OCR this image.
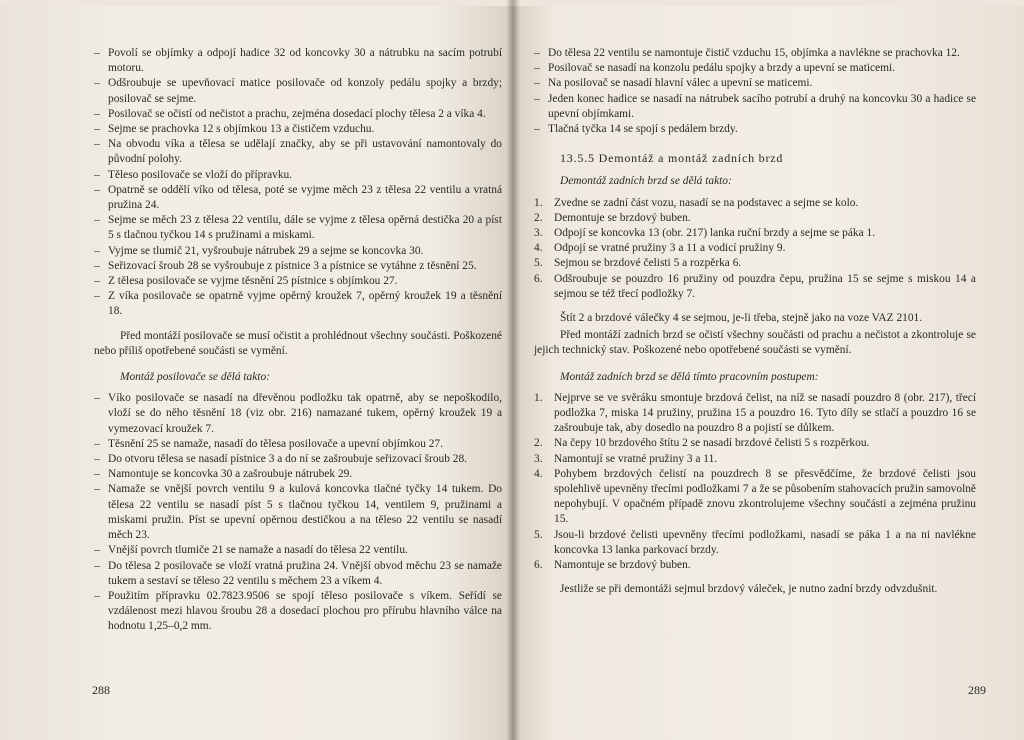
– Povolí se objímky a odpojí hadice 32 od koncovky 30 a nátrubku na sacím potrubí motoru.

– Odšroubuje se upevňovací matice posilovače od konzoly pedálu spojky a brzdy; posilovač se sejme.

– Posilovač se očistí od nečistot a prachu, zejména dosedací plochy tělesa 2 a víka 4.

– Sejme se prachovka 12 s objímkou 13 a čističem vzduchu.

– Na obvodu víka a tělesa se udělají značky, aby se při ustavování namontovaly do původní polohy.

– Těleso posilovače se vloží do přípravku.

– Opatrně se oddělí víko od tělesa, poté se vyjme měch 23 z tělesa 22 ventilu a vratná pružina 24.

– Sejme se měch 23 z tělesa 22 ventilu, dále se vyjme z tělesa opěrná destička 20 a píst 5 s tlačnou tyčkou 14 s pružinami a miskami.

– Vyjme se tlumič 21, vyšroubuje nátrubek 29 a sejme se koncovka 30.

– Seřizovací šroub 28 se vyšroubuje z pístnice 3 a pístnice se vytáhne z těsnění 25.

– Z tělesa posilovače se vyjme těsnění 25 pístnice s objímkou 27.

– Z víka posilovače se opatrně vyjme opěrný kroužek 7, opěrný kroužek 19 a těsnění 18.

Před montáží posilovače se musí očistit a prohlédnout všechny součásti. Poškozené nebo příliš opotřebené součásti se vymění.

Montáž posilovače se dělá takto:

– Víko posilovače se nasadí na dřevěnou podložku tak opatrně, aby se nepoškodilo, vloží se do něho těsnění 18 (viz obr. 216) namazané tukem, opěrný kroužek 19 a vymezovací kroužek 7.

– Těsnění 25 se namaže, nasadí do tělesa posilovače a upevní objímkou 27.

– Do otvoru tělesa se nasadí pístnice 3 a do ní se zašroubuje seřizovací šroub 28.

– Namontuje se koncovka 30 a zašroubuje nátrubek 29.

– Namaže se vnější povrch ventilu 9 a kulová koncovka tlačné tyčky 14 tukem. Do tělesa 22 ventilu se nasadí píst 5 s tlačnou tyčkou 14, ventilem 9, pružinami a miskami pružin. Píst se upevní opěrnou destičkou a na těleso 22 ventilu se nasadí měch 23.

– Vnější povrch tlumiče 21 se namaže a nasadí do tělesa 22 ventilu.

– Do tělesa 2 posilovače se vloží vratná pružina 24. Vnější obvod měchu 23 se namaže tukem a sestaví se těleso 22 ventilu s měchem 23 a víkem 4.

– Použitím přípravku 02.7823.9506 se spojí těleso posilovače s víkem. Seřídí se vzdálenost mezi hlavou šroubu 28 a dosedací plochou pro přírubu hlavního válce na hodnotu 1,25–0,2 mm.

288

– Do tělesa 22 ventilu se namontuje čistič vzduchu 15, objímka a navlékne se prachovka 12.

– Posilovač se nasadí na konzolu pedálu spojky a brzdy a upevní se maticemi.

– Na posilovač se nasadí hlavní válec a upevní se maticemi.

– Jeden konec hadice se nasadí na nátrubek sacího potrubí a druhý na koncovku 30 a hadice se upevní objímkami.

– Tlačná tyčka 14 se spojí s pedálem brzdy.

13.5.5 Demontáž a montáž zadních brzd

Demontáž zadních brzd se dělá takto:

1. Zvedne se zadní část vozu, nasadí se na podstavec a sejme se kolo.

2. Demontuje se brzdový buben.

3. Odpojí se koncovka 13 (obr. 217) lanka ruční brzdy a sejme se páka 1.

4. Odpojí se vratné pružiny 3 a 11 a vodicí pružiny 9.

5. Sejmou se brzdové čelisti 5 a rozpěrka 6.

6. Odšroubuje se pouzdro 16 pružiny od pouzdra čepu, pružina 15 se sejme s miskou 14 a sejmou se též třecí podložky 7.

Štít 2 a brzdové válečky 4 se sejmou, je-li třeba, stejně jako na voze VAZ 2101.

Před montáží zadních brzd se očistí všechny součásti od prachu a nečistot a zkontroluje se jejich technický stav. Poškozené nebo opotřebené součásti se vymění.

Montáž zadních brzd se dělá tímto pracovním postupem:

1. Nejprve se ve svěráku smontuje brzdová čelist, na níž se nasadí pouzdro 8 (obr. 217), třecí podložka 7, miska 14 pružiny, pružina 15 a pouzdro 16. Tyto díly se stlačí a pouzdro 16 se zašroubuje tak, aby dosedlo na pouzdro 8 a pojistí se důlkem.

2. Na čepy 10 brzdového štítu 2 se nasadí brzdové čelisti 5 s rozpěrkou.

3. Namontují se vratné pružiny 3 a 11.

4. Pohybem brzdových čelistí na pouzdrech 8 se přesvědčíme, že brzdové čelisti jsou spolehlivě upevněny třecími podložkami 7 a že se působením stahovacích pružin samovolně nepohybují. V opačném případě znovu zkontrolujeme všechny součásti a zejména pružinu 15.

5. Jsou-li brzdové čelisti upevněny třecími podložkami, nasadí se páka 1 a na ni navlékne koncovka 13 lanka parkovací brzdy.

6. Namontuje se brzdový buben.

Jestliže se při demontáži sejmul brzdový váleček, je nutno zadní brzdy odvzdušnit.

289
